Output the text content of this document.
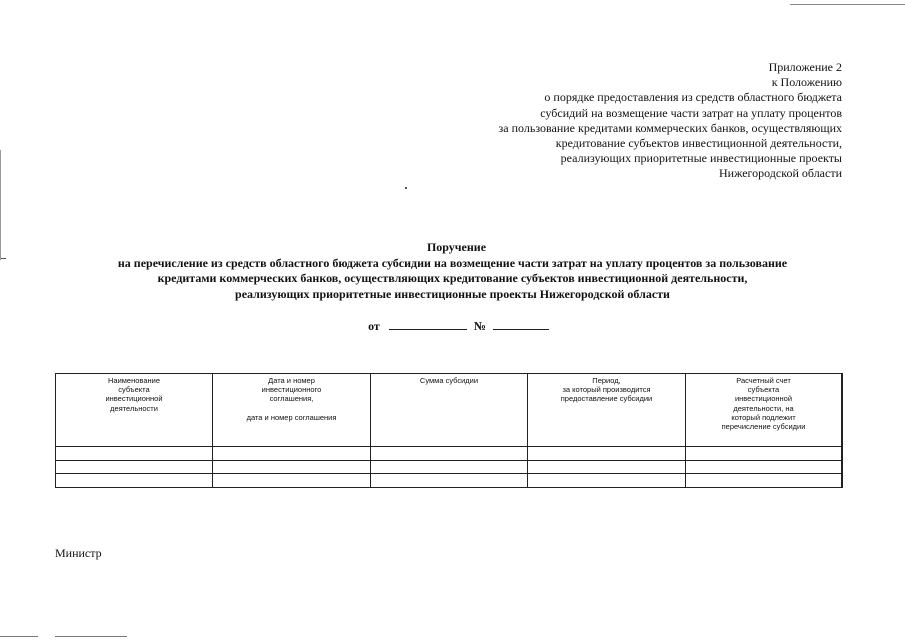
Приложение 2
к Положению
о порядке предоставления из средств областного бюджета
субсидий на возмещение части затрат на уплату процентов
за пользование кредитами коммерческих банков, осуществляющих
кредитование субъектов инвестиционной деятельности,
реализующих приоритетные инвестиционные проекты
Нижегородской области
Поручение
на перечисление из средств областного бюджета субсидии на возмещение части затрат на уплату процентов за пользование
кредитами коммерческих банков, осуществляющих кредитование субъектов инвестиционной деятельности,
реализующих приоритетные инвестиционные проекты Нижегородской области
от	№
Наименование
субъекта
инвестиционной
деятельности
Дата и номер
инвестиционного
соглашения,

дата и номер соглашения
Сумма субсидии	Период,
за который производится
предоставление субсидии
Расчетный счет
субъекта
инвестиционной
деятельности, на
который подлежит
перечисление субсидии
Министр
